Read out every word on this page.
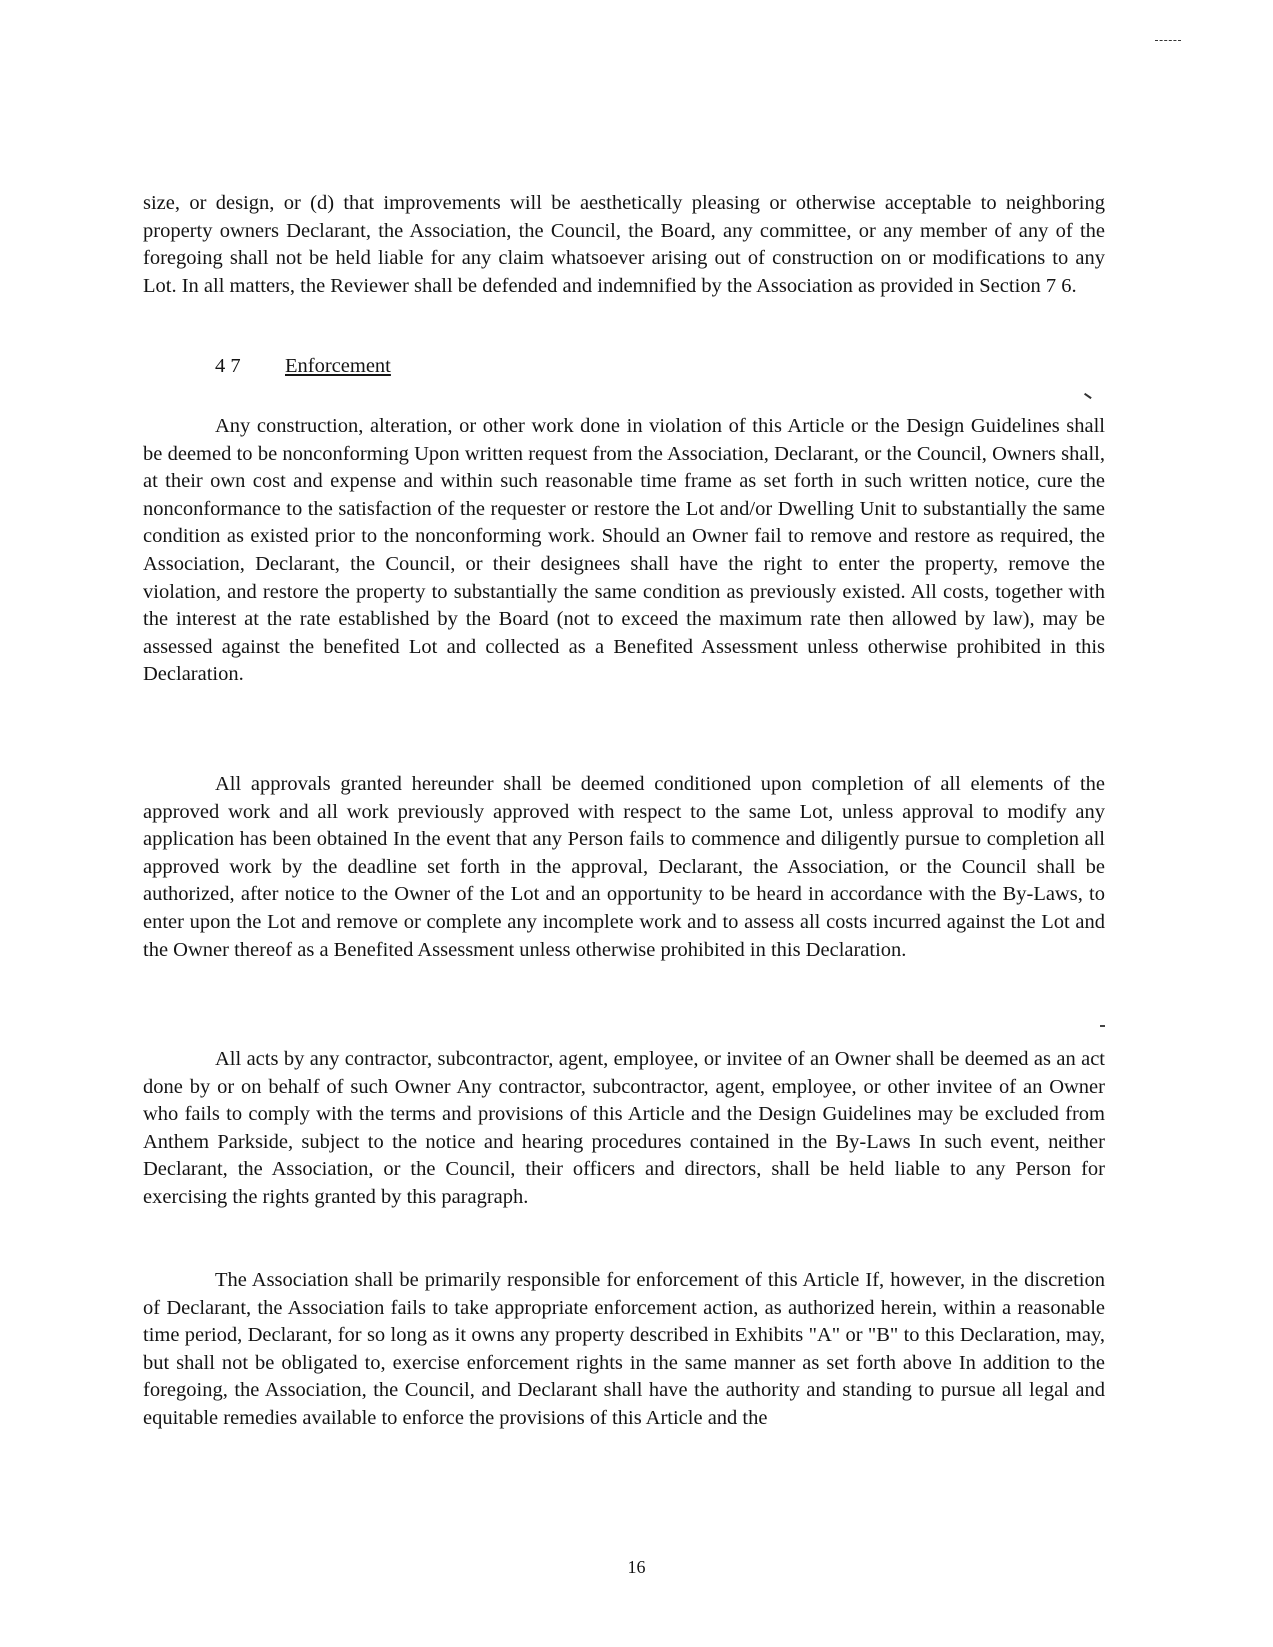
size, or design, or (d) that improvements will be aesthetically pleasing or otherwise acceptable to neighboring property owners Declarant, the Association, the Council, the Board, any committee, or any member of any of the foregoing shall not be held liable for any claim whatsoever arising out of construction on or modifications to any Lot. In all matters, the Reviewer shall be defended and indemnified by the Association as provided in Section 7 6.

4 7 Enforcement

Any construction, alteration, or other work done in violation of this Article or the Design Guidelines shall be deemed to be nonconforming Upon written request from the Association, Declarant, or the Council, Owners shall, at their own cost and expense and within such reasonable time frame as set forth in such written notice, cure the nonconformance to the satisfaction of the requester or restore the Lot and/or Dwelling Unit to substantially the same condition as existed prior to the nonconforming work. Should an Owner fail to remove and restore as required, the Association, Declarant, the Council, or their designees shall have the right to enter the property, remove the violation, and restore the property to substantially the same condition as previously existed. All costs, together with the interest at the rate established by the Board (not to exceed the maximum rate then allowed by law), may be assessed against the benefited Lot and collected as a Benefited Assessment unless otherwise prohibited in this Declaration.

All approvals granted hereunder shall be deemed conditioned upon completion of all elements of the approved work and all work previously approved with respect to the same Lot, unless approval to modify any application has been obtained In the event that any Person fails to commence and diligently pursue to completion all approved work by the deadline set forth in the approval, Declarant, the Association, or the Council shall be authorized, after notice to the Owner of the Lot and an opportunity to be heard in accordance with the By-Laws, to enter upon the Lot and remove or complete any incomplete work and to assess all costs incurred against the Lot and the Owner thereof as a Benefited Assessment unless otherwise prohibited in this Declaration.

All acts by any contractor, subcontractor, agent, employee, or invitee of an Owner shall be deemed as an act done by or on behalf of such Owner Any contractor, subcontractor, agent, employee, or other invitee of an Owner who fails to comply with the terms and provisions of this Article and the Design Guidelines may be excluded from Anthem Parkside, subject to the notice and hearing procedures contained in the By-Laws In such event, neither Declarant, the Association, or the Council, their officers and directors, shall be held liable to any Person for exercising the rights granted by this paragraph.

The Association shall be primarily responsible for enforcement of this Article If, however, in the discretion of Declarant, the Association fails to take appropriate enforcement action, as authorized herein, within a reasonable time period, Declarant, for so long as it owns any property described in Exhibits "A" or "B" to this Declaration, may, but shall not be obligated to, exercise enforcement rights in the same manner as set forth above In addition to the foregoing, the Association, the Council, and Declarant shall have the authority and standing to pursue all legal and equitable remedies available to enforce the provisions of this Article and the

16
